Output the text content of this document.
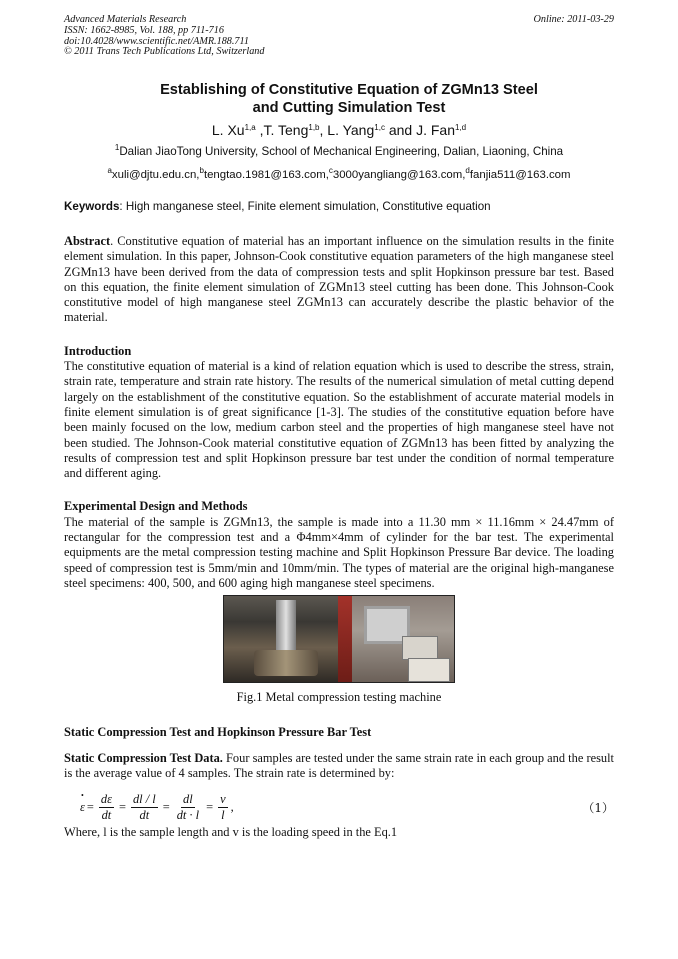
Advanced Materials Research
ISSN: 1662-8985, Vol. 188, pp 711-716
doi:10.4028/www.scientific.net/AMR.188.711
© 2011 Trans Tech Publications Ltd, Switzerland
Online: 2011-03-29
Establishing of Constitutive Equation of ZGMn13 Steel
and Cutting Simulation Test
L. Xu$^{1,a}$ ,T. Teng$^{1,b}$, L. Yang$^{1,c}$ and J. Fan$^{1,d}$
$^1$Dalian JiaoTong University, School of Mechanical Engineering, Dalian, Liaoning, China
$^a$xuli@djtu.edu.cn,$^b$tengtao.1981@163.com,$^c$3000yangliang@163.com,$^d$fanjia511@163.com
Keywords: High manganese steel, Finite element simulation, Constitutive equation

Abstract. Constitutive equation of material has an important influence on the simulation results in the finite element simulation. In this paper, Johnson-Cook constitutive equation parameters of the high manganese steel ZGMn13 have been derived from the data of compression tests and split Hopkinson pressure bar test. Based on this equation, the finite element simulation of ZGMn13 steel cutting has been done. This Johnson-Cook constitutive model of high manganese steel ZGMn13 can accurately describe the plastic behavior of the material.

Introduction

The constitutive equation of material is a kind of relation equation which is used to describe the stress, strain, strain rate, temperature and strain rate history. The results of the numerical simulation of metal cutting depend largely on the establishment of the constitutive equation. So the establishment of accurate material models in finite element simulation is of great significance [1-3]. The studies of the constitutive equation before have been mainly focused on the low, medium carbon steel and the properties of high manganese steel have not been studied. The Johnson-Cook material constitutive equation of ZGMn13 has been fitted by analyzing the results of compression test and split Hopkinson pressure bar test under the condition of normal temperature and different aging.

Experimental Design and Methods

The material of the sample is ZGMn13, the sample is made into a 11.30 mm × 11.16mm × 24.47mm of rectangular for the compression test and a Φ4mm×4mm of cylinder for the bar test. The experimental equipments are the metal compression testing machine and Split Hopkinson Pressure Bar device. The loading speed of compression test is 5mm/min and 10mm/min. The types of material are the original high-manganese steel specimens: 400, 500, and 600 aging high manganese steel specimens.

Fig.1 Metal compression testing machine
Static Compression Test and Hopkinson Pressure Bar Test

Static Compression Test Data. Four samples are tested under the same strain rate in each group and the result is the average value of 4 samples. The strain rate is determined by:

• $\varepsilon = \frac{d\varepsilon}{dt} = \frac{dl / l}{dt} = \frac{dl}{dt \cdot l} = \frac{v}{l}$ ,	（1）

Where, l is the sample length and v is the loading speed in the Eq.1
